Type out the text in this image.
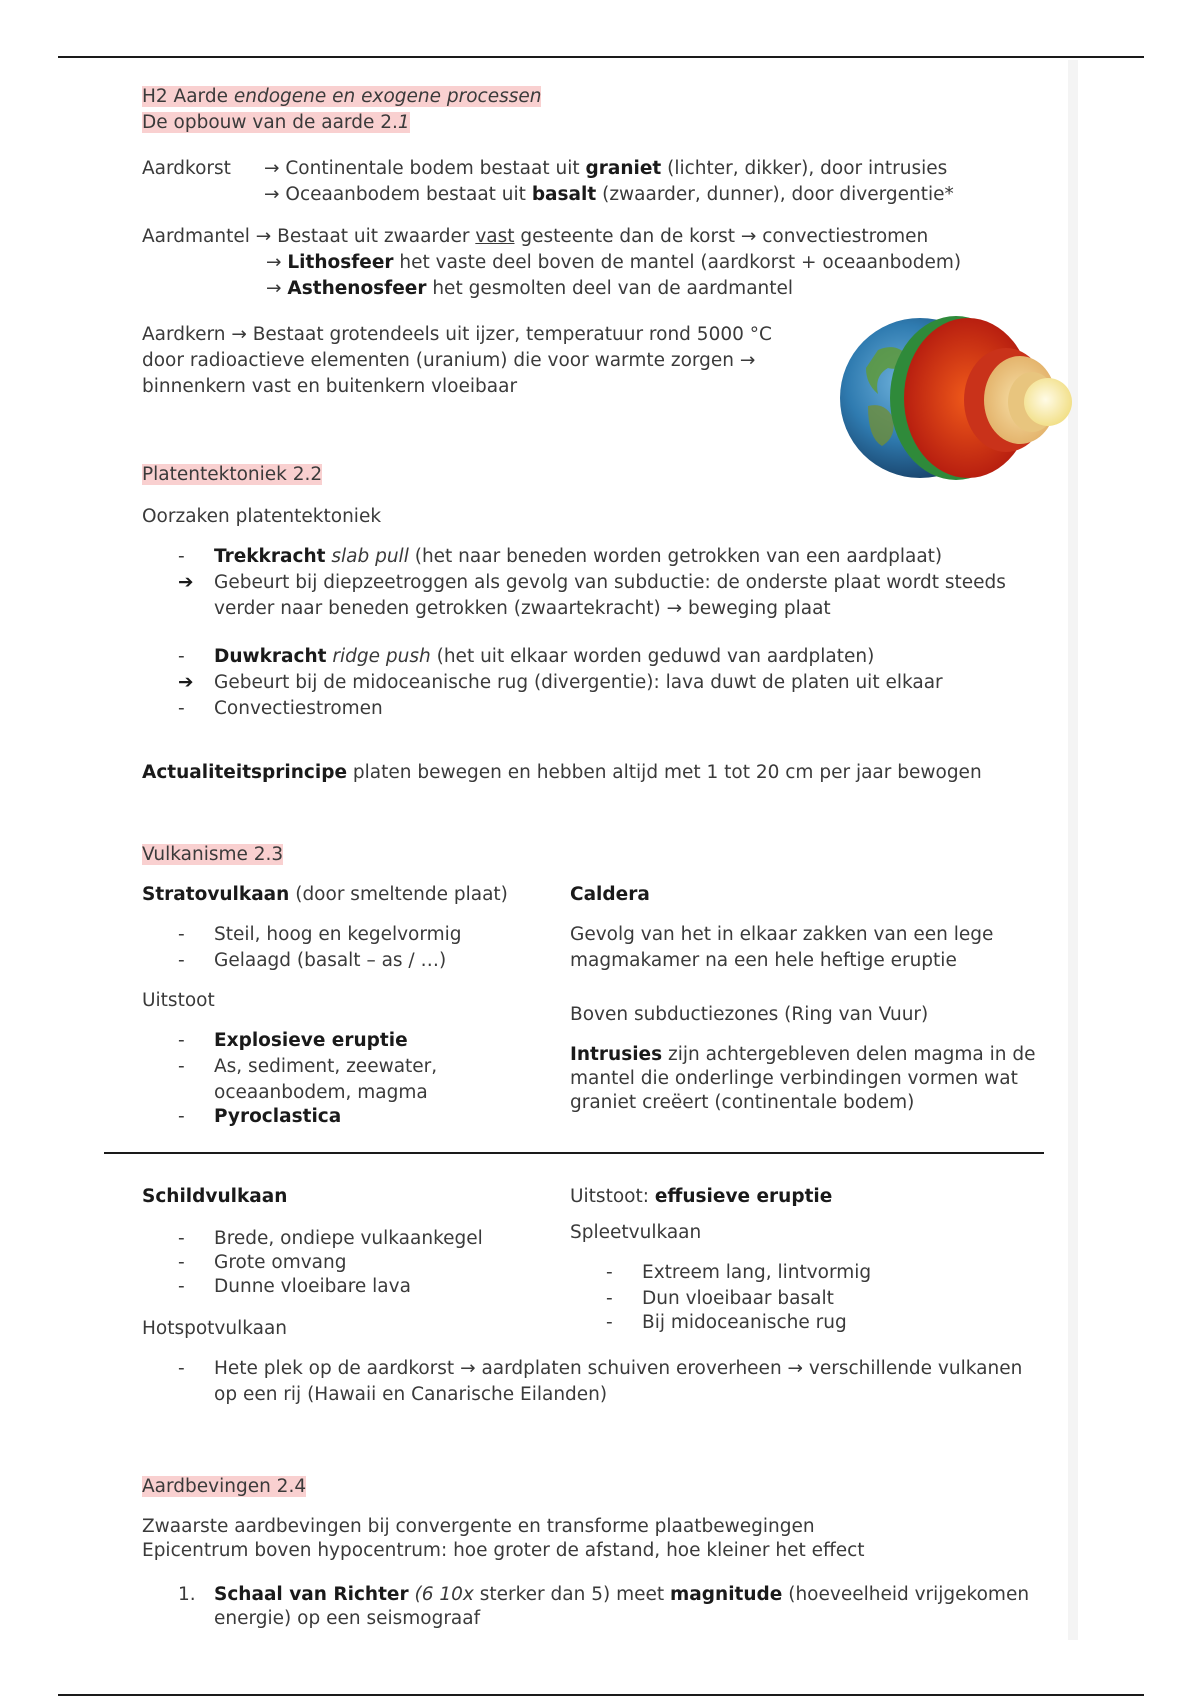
H2 Aarde endogene en exogene processen
De opbouw van de aarde 2.1
Aardkorst → Continentale bodem bestaat uit graniet (lichter, dikker), door intrusies
→ Oceaanbodem bestaat uit basalt (zwaarder, dunner), door divergentie*
Aardmantel → Bestaat uit zwaarder vast gesteente dan de korst → convectiestromen
→ Lithosfeer het vaste deel boven de mantel (aardkorst + oceaanbodem)
→ Asthenosfeer het gesmolten deel van de aardmantel
Aardkern → Bestaat grotendeels uit ijzer, temperatuur rond 5000 °C
door radioactieve elementen (uranium) die voor warmte zorgen →
binnenkern vast en buitenkern vloeibaar
Platentektoniek 2.2
Oorzaken platentektoniek
- Trekkracht slab pull (het naar beneden worden getrokken van een aardplaat)
➔ Gebeurt bij diepzeetroggen als gevolg van subductie: de onderste plaat wordt steeds
verder naar beneden getrokken (zwaartekracht) → beweging plaat
- Duwkracht ridge push (het uit elkaar worden geduwd van aardplaten)
➔ Gebeurt bij de midoceanische rug (divergentie): lava duwt de platen uit elkaar
- Convectiestromen
Actualiteitsprincipe platen bewegen en hebben altijd met 1 tot 20 cm per jaar bewogen
Vulkanisme 2.3
Stratovulkaan (door smeltende plaat)
- Steil, hoog en kegelvormig
- Gelaagd (basalt – as / …)
Uitstoot
- Explosieve eruptie
- As, sediment, zeewater,
oceaanbodem, magma
- Pyroclastica
Caldera
Gevolg van het in elkaar zakken van een lege
magmakamer na een hele heftige eruptie
Boven subductiezones (Ring van Vuur)
Intrusies zijn achtergebleven delen magma in de
mantel die onderlinge verbindingen vormen wat
graniet creëert (continentale bodem)
Schildvulkaan
- Brede, ondiepe vulkaankegel
- Grote omvang
- Dunne vloeibare lava
Hotspotvulkaan
- Hete plek op de aardkorst → aardplaten schuiven eroverheen → verschillende vulkanen
op een rij (Hawaii en Canarische Eilanden)
Uitstoot: effusieve eruptie
Spleetvulkaan
- Extreem lang, lintvormig
- Dun vloeibaar basalt
- Bij midoceanische rug
Aardbevingen 2.4
Zwaarste aardbevingen bij convergente en transforme plaatbewegingen
Epicentrum boven hypocentrum: hoe groter de afstand, hoe kleiner het effect
1. Schaal van Richter (6 10x sterker dan 5) meet magnitude (hoeveelheid vrijgekomen
energie) op een seismograaf
